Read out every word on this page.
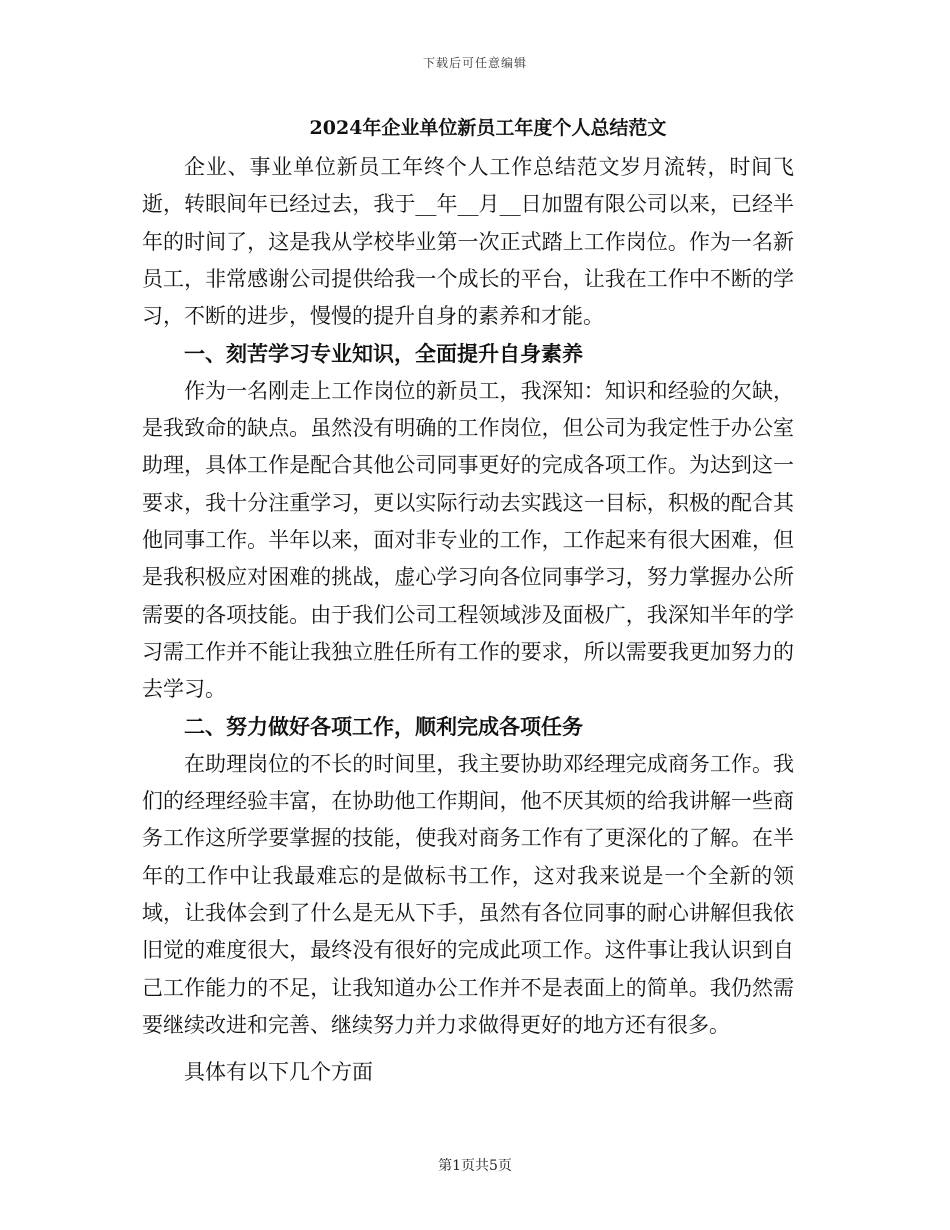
下载后可任意编辑
2024年企业单位新员工年度个人总结范文

企业、事业单位新员工年终个人工作总结范文岁月流转，时间飞逝，转眼间年已经过去，我于__年__月__日加盟有限公司以来，已经半年的时间了，这是我从学校毕业第一次正式踏上工作岗位。作为一名新员工，非常感谢公司提供给我一个成长的平台，让我在工作中不断的学习，不断的进步，慢慢的提升自身的素养和才能。

一、刻苦学习专业知识，全面提升自身素养

作为一名刚走上工作岗位的新员工，我深知：知识和经验的欠缺，是我致命的缺点。虽然没有明确的工作岗位，但公司为我定性于办公室助理，具体工作是配合其他公司同事更好的完成各项工作。为达到这一要求，我十分注重学习，更以实际行动去实践这一目标，积极的配合其他同事工作。半年以来，面对非专业的工作，工作起来有很大困难，但是我积极应对困难的挑战，虚心学习向各位同事学习，努力掌握办公所需要的各项技能。由于我们公司工程领域涉及面极广，我深知半年的学习需工作并不能让我独立胜任所有工作的要求，所以需要我更加努力的去学习。

二、努力做好各项工作，顺利完成各项任务

在助理岗位的不长的时间里，我主要协助邓经理完成商务工作。我们的经理经验丰富，在协助他工作期间，他不厌其烦的给我讲解一些商务工作这所学要掌握的技能，使我对商务工作有了更深化的了解。在半年的工作中让我最难忘的是做标书工作，这对我来说是一个全新的领域，让我体会到了什么是无从下手，虽然有各位同事的耐心讲解但我依旧觉的难度很大，最终没有很好的完成此项工作。这件事让我认识到自己工作能力的不足，让我知道办公工作并不是表面上的简单。我仍然需要继续改进和完善、继续努力并力求做得更好的地方还有很多。

具体有以下几个方面

第1页共5页
